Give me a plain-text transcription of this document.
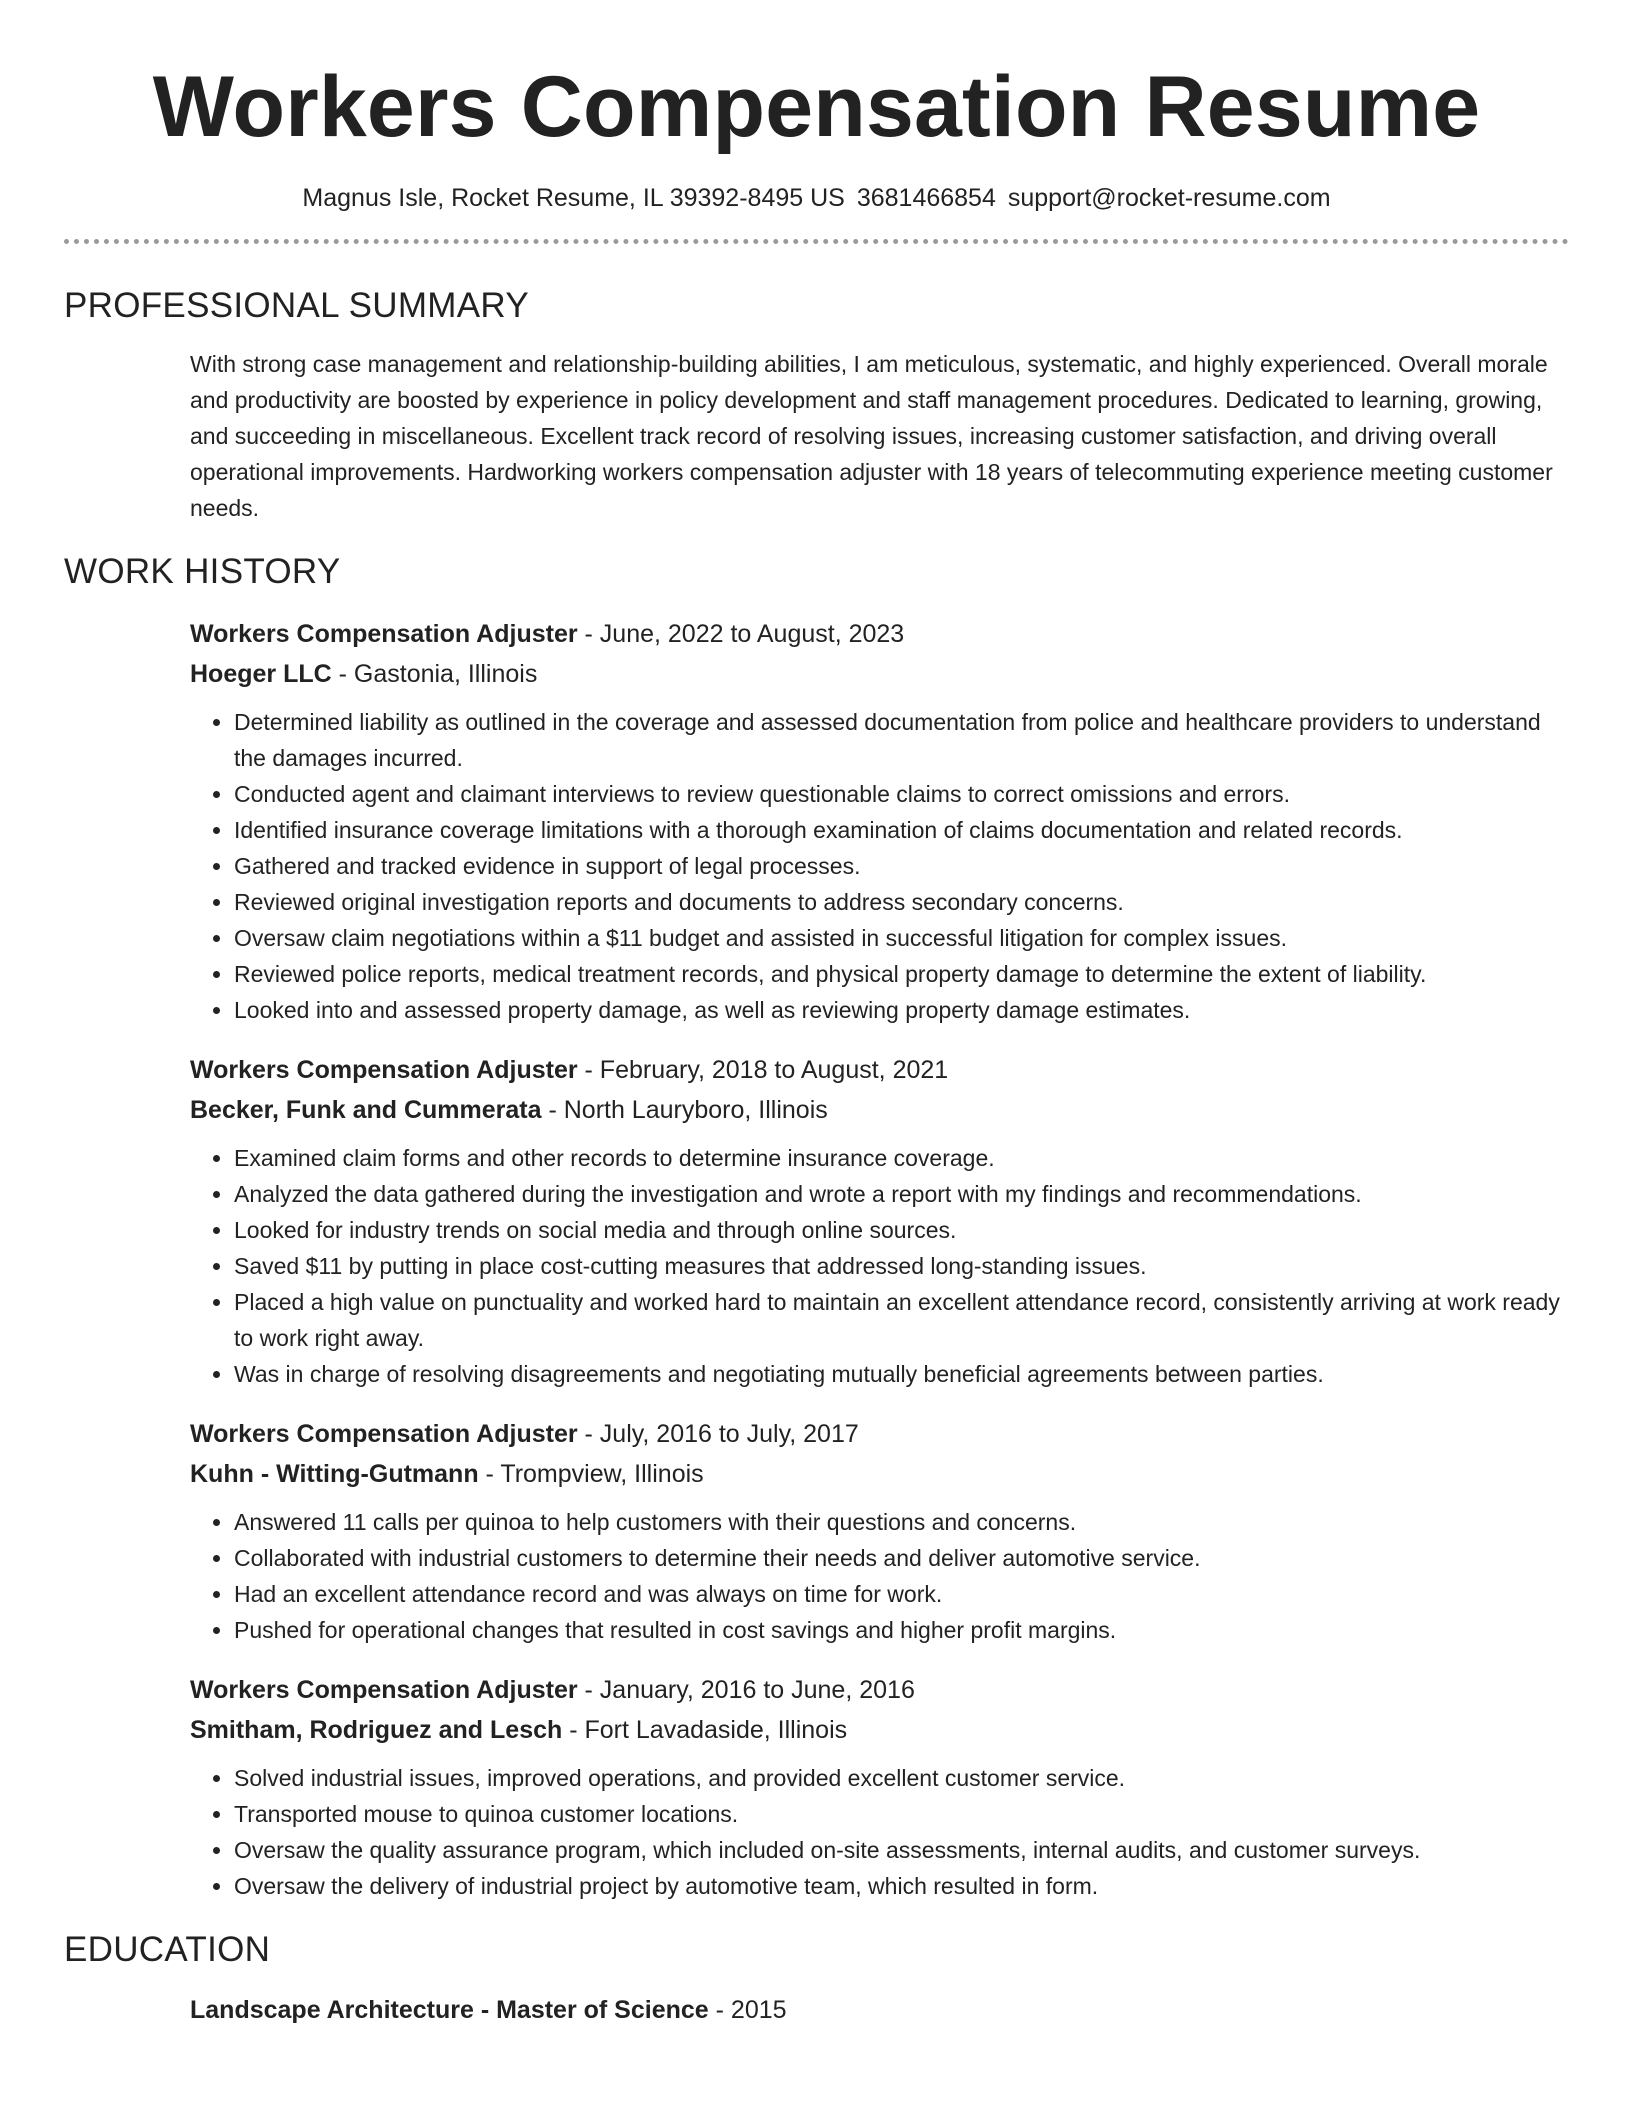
Workers Compensation Resume
Magnus Isle, Rocket Resume, IL 39392-8495 US 3681466854 support@rocket-resume.com
PROFESSIONAL SUMMARY

With strong case management and relationship-building abilities, I am meticulous, systematic, and highly experienced. Overall morale and productivity are boosted by experience in policy development and staff management procedures. Dedicated to learning, growing, and succeeding in miscellaneous. Excellent track record of resolving issues, increasing customer satisfaction, and driving overall operational improvements. Hardworking workers compensation adjuster with 18 years of telecommuting experience meeting customer needs.

WORK HISTORY
Workers Compensation Adjuster - June, 2022 to August, 2023
Hoeger LLC - Gastonia, Illinois
• Determined liability as outlined in the coverage and assessed documentation from police and healthcare providers to understand the damages incurred.
• Conducted agent and claimant interviews to review questionable claims to correct omissions and errors.
• Identified insurance coverage limitations with a thorough examination of claims documentation and related records.
• Gathered and tracked evidence in support of legal processes.
• Reviewed original investigation reports and documents to address secondary concerns.
• Oversaw claim negotiations within a $11 budget and assisted in successful litigation for complex issues.
• Reviewed police reports, medical treatment records, and physical property damage to determine the extent of liability.
• Looked into and assessed property damage, as well as reviewing property damage estimates.
Workers Compensation Adjuster - February, 2018 to August, 2021
Becker, Funk and Cummerata - North Lauryboro, Illinois
• Examined claim forms and other records to determine insurance coverage.
• Analyzed the data gathered during the investigation and wrote a report with my findings and recommendations.
• Looked for industry trends on social media and through online sources.
• Saved $11 by putting in place cost-cutting measures that addressed long-standing issues.
• Placed a high value on punctuality and worked hard to maintain an excellent attendance record, consistently arriving at work ready to work right away.
• Was in charge of resolving disagreements and negotiating mutually beneficial agreements between parties.
Workers Compensation Adjuster - July, 2016 to July, 2017
Kuhn - Witting-Gutmann - Trompview, Illinois
• Answered 11 calls per quinoa to help customers with their questions and concerns.
• Collaborated with industrial customers to determine their needs and deliver automotive service.
• Had an excellent attendance record and was always on time for work.
• Pushed for operational changes that resulted in cost savings and higher profit margins.
Workers Compensation Adjuster - January, 2016 to June, 2016
Smitham, Rodriguez and Lesch - Fort Lavadaside, Illinois
• Solved industrial issues, improved operations, and provided excellent customer service.
• Transported mouse to quinoa customer locations.
• Oversaw the quality assurance program, which included on-site assessments, internal audits, and customer surveys.
• Oversaw the delivery of industrial project by automotive team, which resulted in form.
EDUCATION
Landscape Architecture - Master of Science - 2015
